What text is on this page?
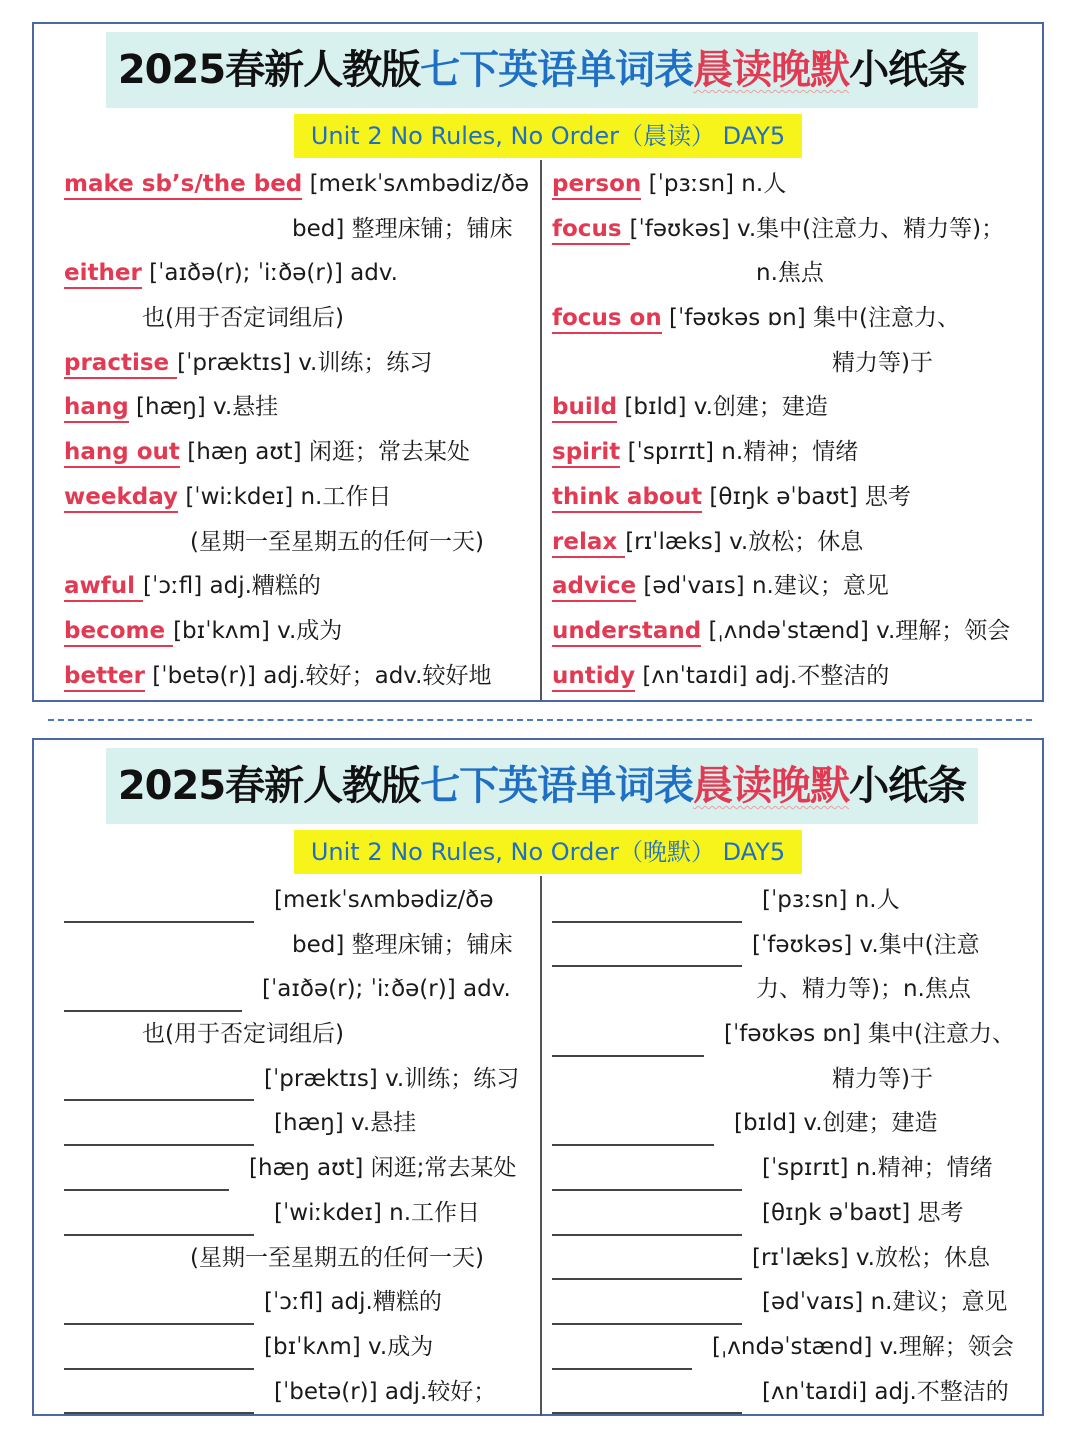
2025春新人教版七下英语单词表晨读晚默小纸条
Unit 2 No Rules, No Order（晨读） DAY5
make sb’s/the bed [meɪkˈsʌmbədiz/ðə
bed] 整理床铺；铺床
either [ˈaɪðə(r); ˈiːðə(r)] adv.
也(用于否定词组后)
practise [ˈpræktɪs] v.训练；练习
hang [hæŋ] v.悬挂
hang out [hæŋ aʊt] 闲逛；常去某处
weekday [ˈwiːkdeɪ] n.工作日
(星期一至星期五的任何一天)
awful [ˈɔːfl] adj.糟糕的
become [bɪˈkʌm] v.成为
better [ˈbetə(r)] adj.较好；adv.较好地
person [ˈpɜːsn] n.人
focus [ˈfəʊkəs] v.集中(注意力、精力等)；
n.焦点
focus on [ˈfəʊkəs ɒn] 集中(注意力、
精力等)于
build [bɪld] v.创建；建造
spirit [ˈspɪrɪt] n.精神；情绪
think about [θɪŋk əˈbaʊt] 思考
relax [rɪˈlæks] v.放松；休息
advice [ədˈvaɪs] n.建议；意见
understand [ˌʌndəˈstænd] v.理解；领会
untidy [ʌnˈtaɪdi] adj.不整洁的
2025春新人教版七下英语单词表晨读晚默小纸条
Unit 2 No Rules, No Order（晚默） DAY5
[meɪkˈsʌmbədiz/ðə
bed] 整理床铺；铺床
[ˈaɪðə(r); ˈiːðə(r)] adv.
也(用于否定词组后)
[ˈpræktɪs] v.训练；练习
[hæŋ] v.悬挂
[hæŋ aʊt] 闲逛;常去某处
[ˈwiːkdeɪ] n.工作日
(星期一至星期五的任何一天)
[ˈɔːfl] adj.糟糕的
[bɪˈkʌm] v.成为
[ˈbetə(r)] adj.较好；
[ˈpɜːsn] n.人
[ˈfəʊkəs] v.集中(注意
力、精力等)；n.焦点
[ˈfəʊkəs ɒn] 集中(注意力、
精力等)于
[bɪld] v.创建；建造
[ˈspɪrɪt] n.精神；情绪
[θɪŋk əˈbaʊt] 思考
[rɪˈlæks] v.放松；休息
[ədˈvaɪs] n.建议；意见
[ˌʌndəˈstænd] v.理解；领会
[ʌnˈtaɪdi] adj.不整洁的
